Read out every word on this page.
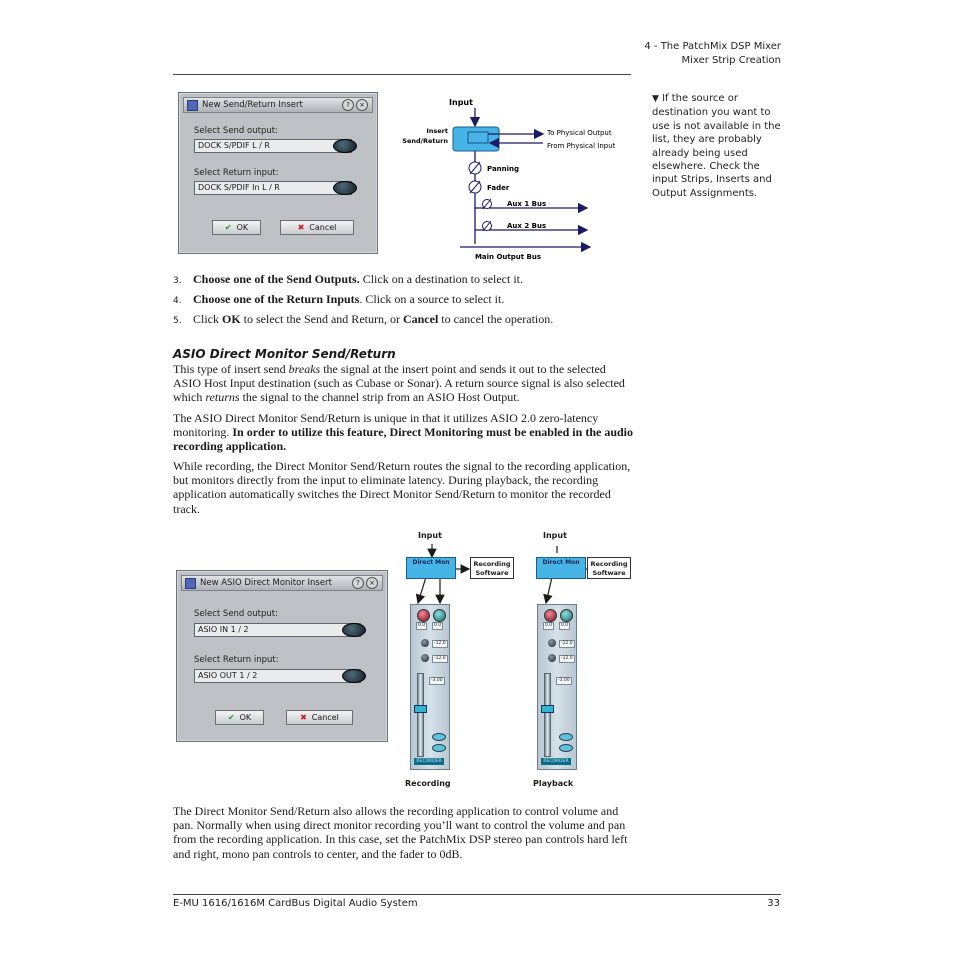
4 - The PatchMix DSP Mixer
Mixer Strip Creation
▼ If the source or destination you want to use is not available in the list, they are probably already being used elsewhere. Check the input Strips, Inserts and Output Assignments.
New Send/Return Insert	?	×
Select Send output:
DOCK S/PDIF L / R
Select Return input:
DOCK S/PDIF In L / R
✔ OK	✖ Cancel
Input
Insert
Send/Return
To Physical Output
From Physical Input
Panning
Fader
Aux 1 Bus
Aux 2 Bus
Main Output Bus
3. Choose one of the Send Outputs. Click on a destination to select it.
4. Choose one of the Return Inputs. Click on a source to select it.
5. Click OK to select the Send and Return, or Cancel to cancel the operation.
ASIO Direct Monitor Send/Return
This type of insert send breaks the signal at the insert point and sends it out to the selected ASIO Host Input destination (such as Cubase or Sonar). A return source signal is also selected which returns the signal to the channel strip from an ASIO Host Output.
The ASIO Direct Monitor Send/Return is unique in that it utilizes ASIO 2.0 zero-latency monitoring. In order to utilize this feature, Direct Monitoring must be enabled in the audio recording application.
While recording, the Direct Monitor Send/Return routes the signal to the recording application, but monitors directly from the input to eliminate latency. During playback, the recording application automatically switches the Direct Monitor Send/Return to monitor the recorded track.
New ASIO Direct Monitor Insert	?	×
Select Send output:
ASIO IN 1 / 2
Select Return input:
ASIO OUT 1 / 2
✔ OK	✖ Cancel
Input	Input
Direct Mon	Recording
Software
Direct Mon	Recording
Software
0.0	0.0
-12.0
-12.0
-3.00
RECORDER
0.0	0.0
-12.0
-12.0
-3.00
RECORDER
Recording	Playback
The Direct Monitor Send/Return also allows the recording application to control volume and pan. Normally when using direct monitor recording you’ll want to control the volume and pan from the recording application. In this case, set the PatchMix DSP stereo pan controls hard left and right, mono pan controls to center, and the fader to 0dB.
E-MU 1616/1616M CardBus Digital Audio System	33
